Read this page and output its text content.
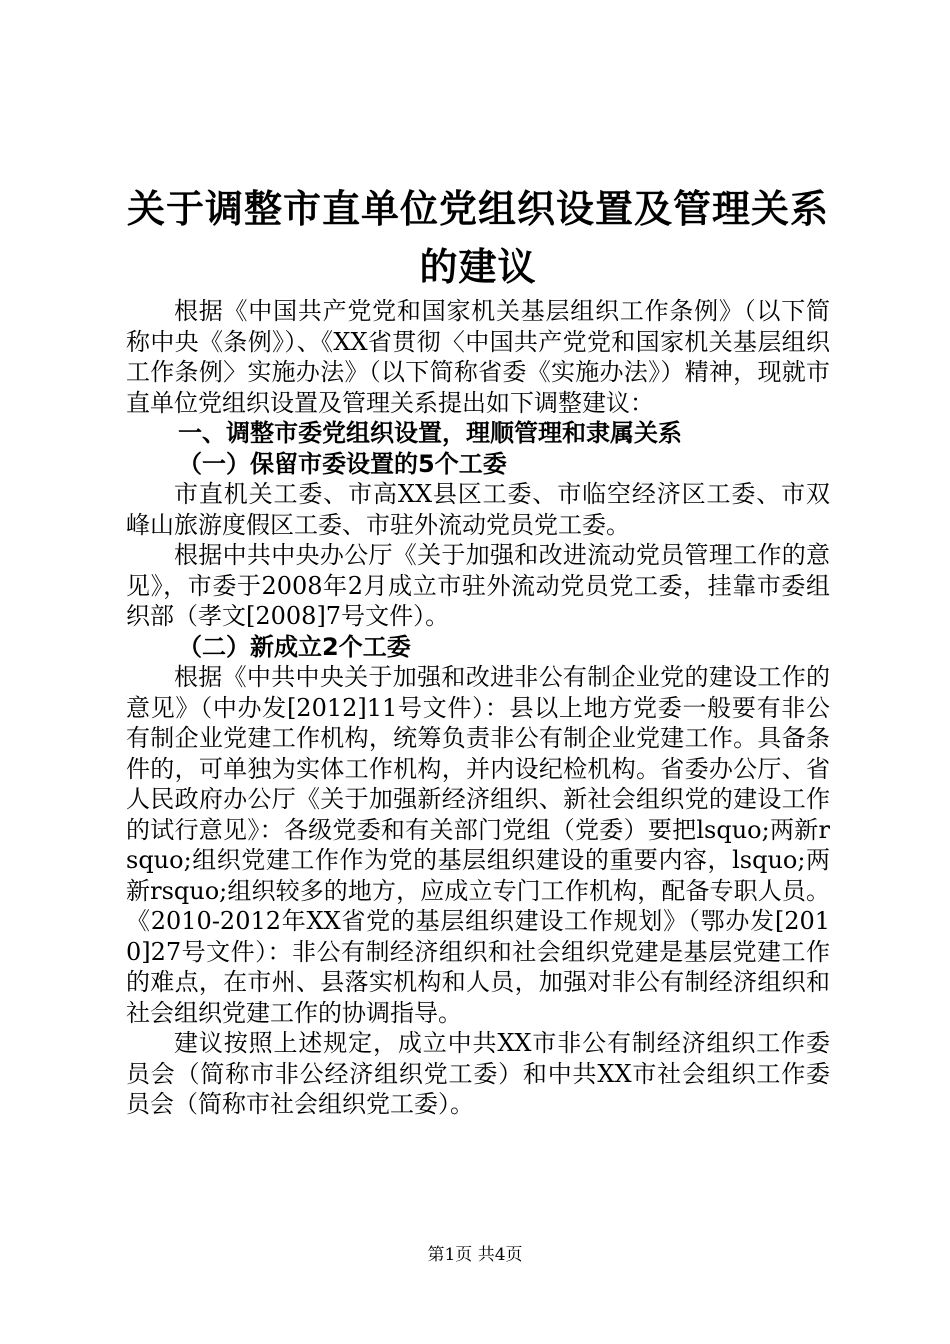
关于调整市直单位党组织设置及管理关系的建议

根据《中国共产党党和国家机关基层组织工作条例》（以下简称中央《条例》）、《XX省贯彻〈中国共产党党和国家机关基层组织工作条例〉实施办法》（以下简称省委《实施办法》）精神，现就市直单位党组织设置及管理关系提出如下调整建议：

一、调整市委党组织设置，理顺管理和隶属关系

（一）保留市委设置的5个工委

市直机关工委、市高XX县区工委、市临空经济区工委、市双峰山旅游度假区工委、市驻外流动党员党工委。

根据中共中央办公厅《关于加强和改进流动党员管理工作的意见》，市委于2008年2月成立市驻外流动党员党工委，挂靠市委组织部（孝文[2008]7号文件）。

（二）新成立2个工委

根据《中共中央关于加强和改进非公有制企业党的建设工作的意见》（中办发[2012]11号文件）：县以上地方党委一般要有非公有制企业党建工作机构，统筹负责非公有制企业党建工作。具备条件的，可单独为实体工作机构，并内设纪检机构。省委办公厅、省人民政府办公厅《关于加强新经济组织、新社会组织党的建设工作的试行意见》：各级党委和有关部门党组（党委）要把lsquo;两新rsquo;组织党建工作作为党的基层组织建设的重要内容，lsquo;两新rsquo;组织较多的地方，应成立专门工作机构，配备专职人员。《2010-2012年XX省党的基层组织建设工作规划》（鄂办发[2010]27号文件）：非公有制经济组织和社会组织党建是基层党建工作的难点，在市州、县落实机构和人员，加强对非公有制经济组织和社会组织党建工作的协调指导。

建议按照上述规定，成立中共XX市非公有制经济组织工作委员会（简称市非公经济组织党工委）和中共XX市社会组织工作委员会（简称市社会组织党工委）。

第1页 共4页
